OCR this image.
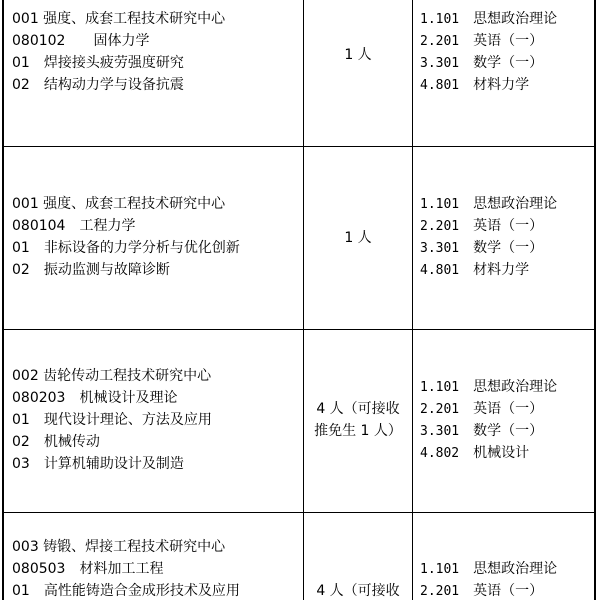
001 强度、成套工程技术研究中心
080102　　固体力学
01　焊接接头疲劳强度研究
02　结构动力学与设备抗震
1 人
1.101　 思想政治理论
2.201　 英语（一）
3.301　 数学（一）
4.801　 材料力学
001 强度、成套工程技术研究中心
080104　工程力学
01　非标设备的力学分析与优化创新
02　振动监测与故障诊断
1 人
1.101　 思想政治理论
2.201　 英语（一）
3.301　 数学（一）
4.801　 材料力学
002 齿轮传动工程技术研究中心
080203　机械设计及理论
01　现代设计理论、方法及应用
02　机械传动
03　计算机辅助设计及制造
4 人（可接收
推免生 1 人）
1.101　 思想政治理论
2.201　 英语（一）
3.301　 数学（一）
4.802　 机械设计
003 铸锻、焊接工程技术研究中心
080503　材料加工工程
01　高性能铸造合金成形技术及应用	4 人（可接收
1.101　 思想政治理论
2.201　 英语（一）
